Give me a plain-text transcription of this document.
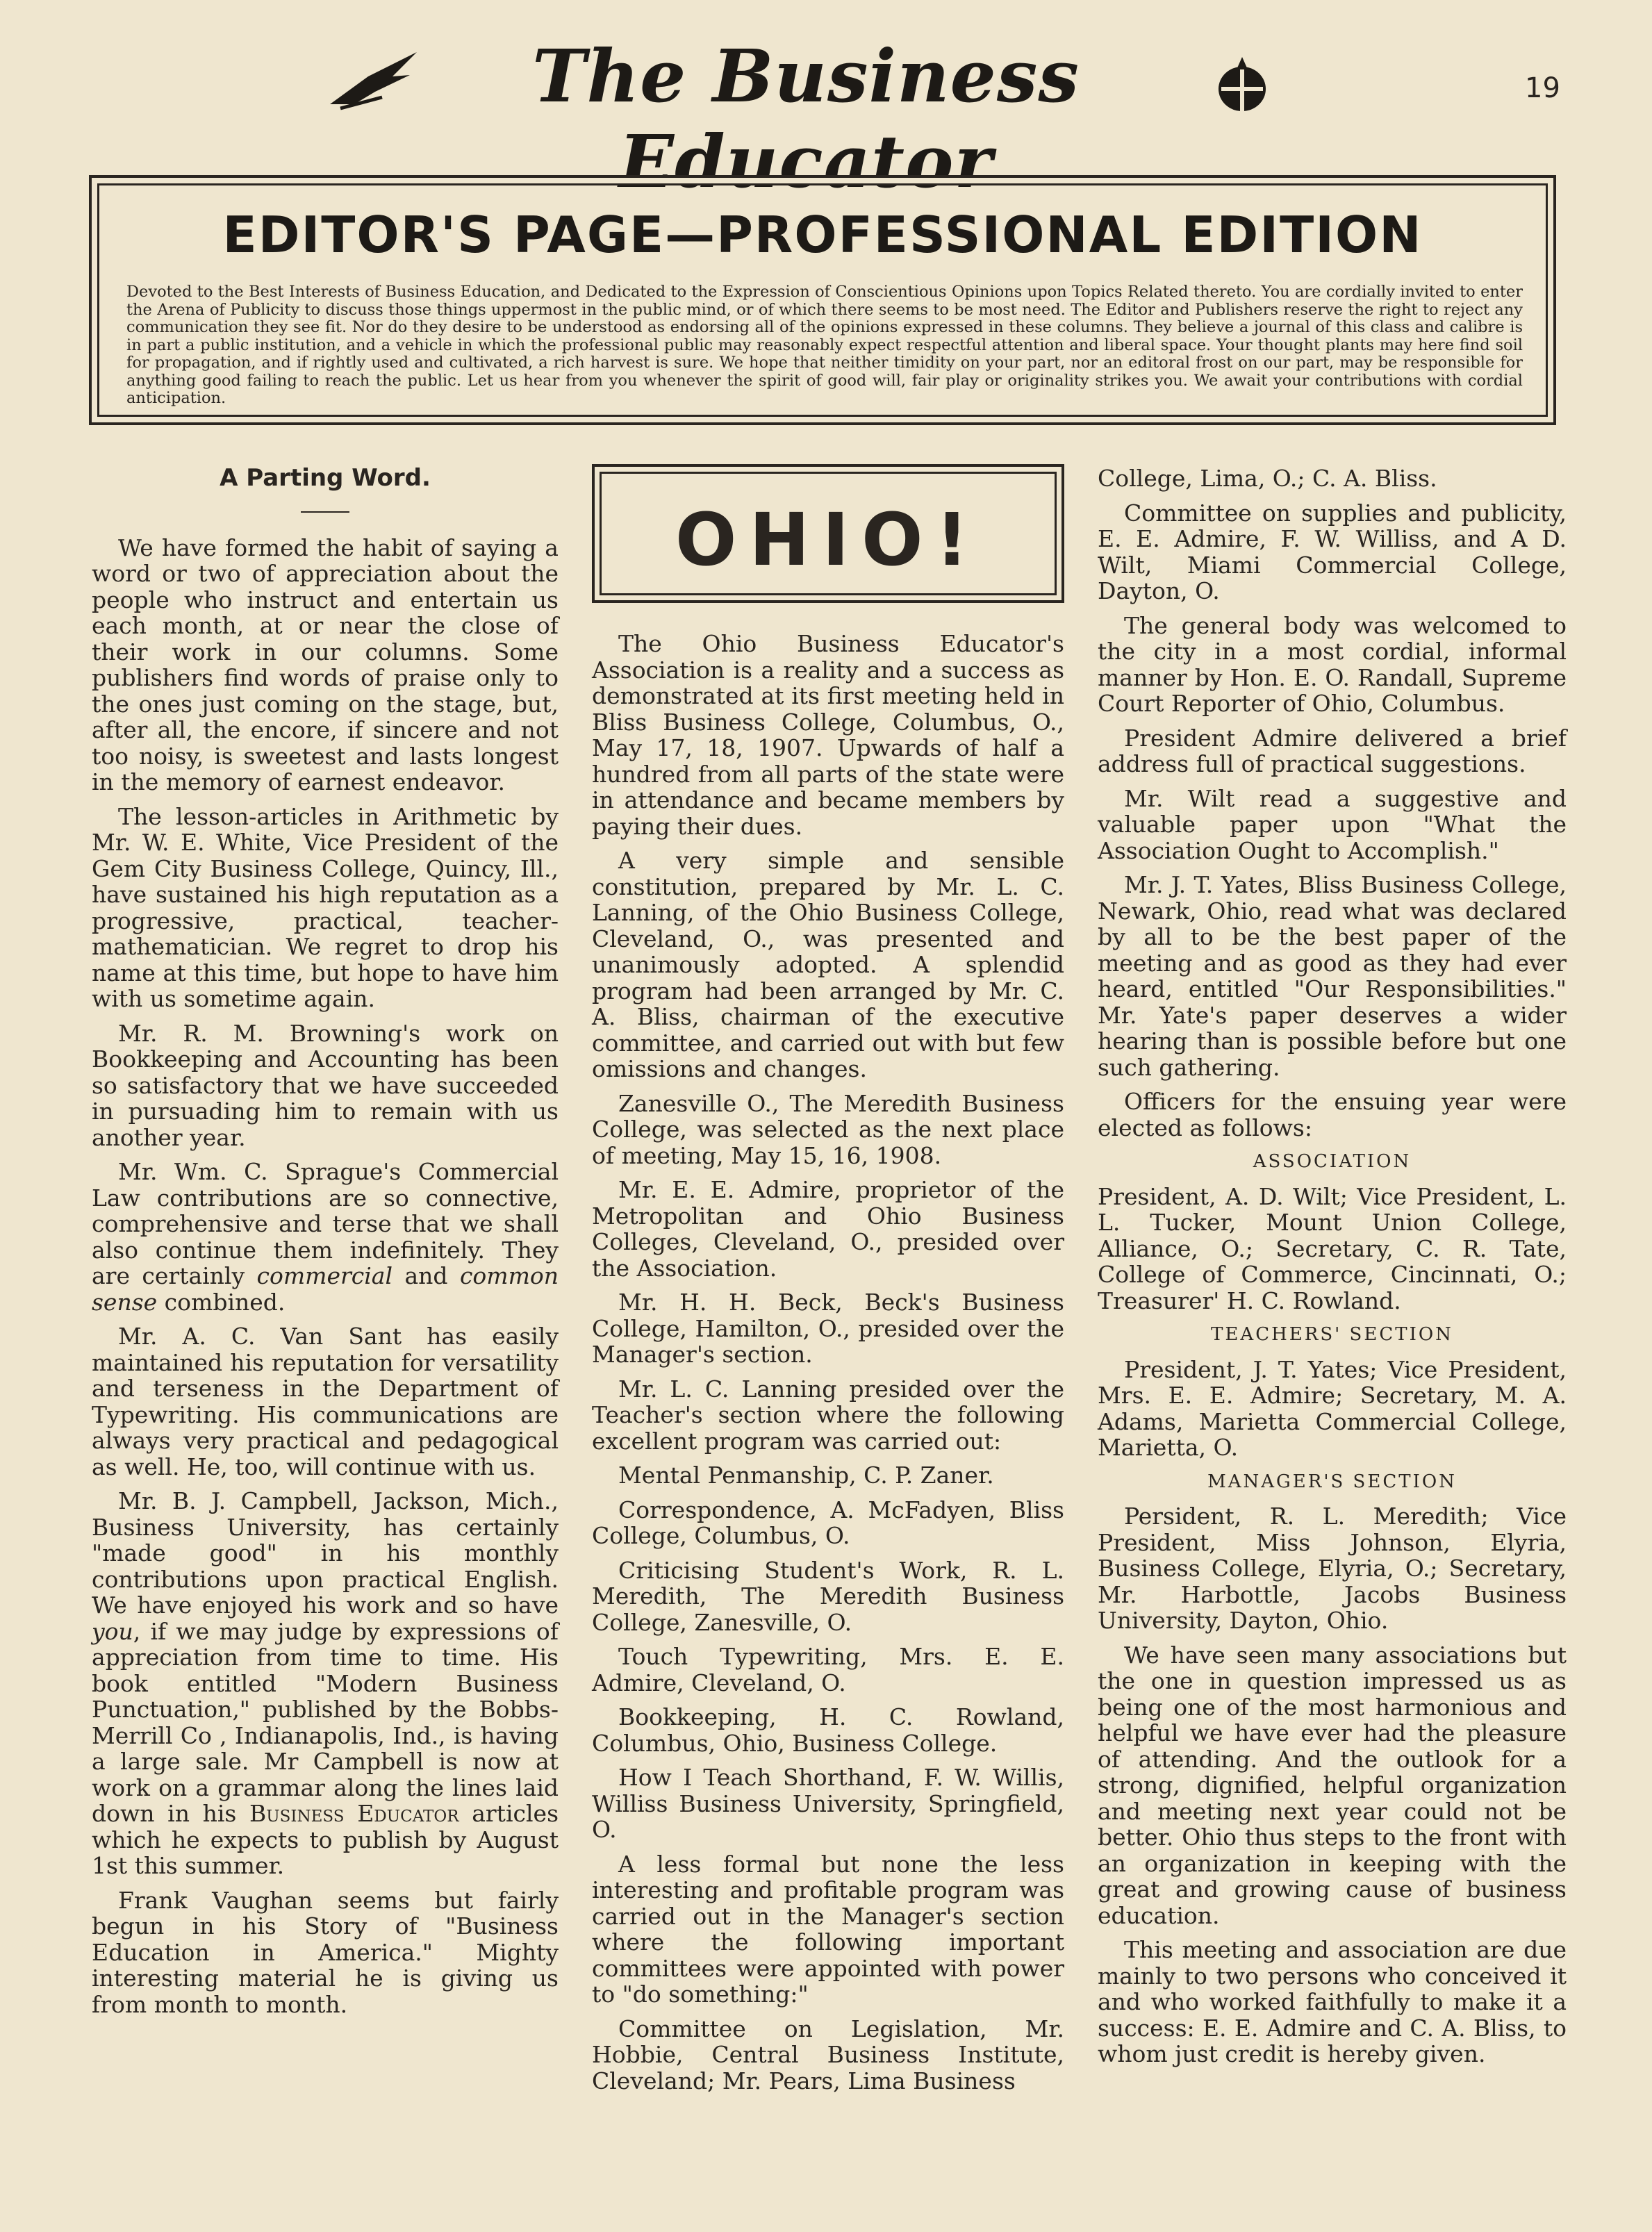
The Business Educator
19
EDITOR'S PAGE—PROFESSIONAL EDITION
Devoted to the Best Interests of Business Education, and Dedicated to the Expression of Conscientious Opinions upon Topics Related thereto. You are cordially invited to enter the Arena of Publicity to discuss those things uppermost in the public mind, or of which there seems to be most need. The Editor and Publishers reserve the right to reject any communication they see fit. Nor do they desire to be understood as endorsing all of the opinions expressed in these columns. They believe a journal of this class and calibre is in part a public institution, and a vehicle in which the professional public may reasonably expect respectful attention and liberal space. Your thought plants may here find soil for propagation, and if rightly used and cultivated, a rich harvest is sure. We hope that neither timidity on your part, nor an editoral frost on our part, may be responsible for anything good failing to reach the public. Let us hear from you whenever the spirit of good will, fair play or originality strikes you. We await your contributions with cordial anticipation.
A Parting Word.

We have formed the habit of saying a word or two of appreciation about the people who instruct and entertain us each month, at or near the close of their work in our columns. Some publishers find words of praise only to the ones just coming on the stage, but, after all, the encore, if sincere and not too noisy, is sweetest and lasts longest in the memory of earnest endeavor.

The lesson-articles in Arithmetic by Mr. W. E. White, Vice President of the Gem City Business College, Quincy, Ill., have sustained his high reputation as a progressive, practical, teacher-mathematician. We regret to drop his name at this time, but hope to have him with us sometime again.

Mr. R. M. Browning's work on Bookkeeping and Accounting has been so satisfactory that we have succeeded in pursuading him to remain with us another year.

Mr. Wm. C. Sprague's Commercial Law contributions are so connective, comprehensive and terse that we shall also continue them indefinitely. They are certainly commercial and common sense combined.

Mr. A. C. Van Sant has easily maintained his reputation for versatility and terseness in the Department of Typewriting. His communications are always very practical and pedagogical as well. He, too, will continue with us.

Mr. B. J. Campbell, Jackson, Mich., Business University, has certainly "made good" in his monthly contributions upon practical English. We have enjoyed his work and so have you, if we may judge by expressions of appreciation from time to time. His book entitled "Modern Business Punctuation," published by the Bobbs-Merrill Co , Indianapolis, Ind., is having a large sale. Mr Campbell is now at work on a grammar along the lines laid down in his Business Educator articles which he expects to publish by August 1st this summer.

Frank Vaughan seems but fairly begun in his Story of "Business Education in America." Mighty interesting material he is giving us from month to month.

OHIO!

The Ohio Business Educator's Association is a reality and a success as demonstrated at its first meeting held in Bliss Business College, Columbus, O., May 17, 18, 1907. Upwards of half a hundred from all parts of the state were in attendance and became members by paying their dues.

A very simple and sensible constitution, prepared by Mr. L. C. Lanning, of the Ohio Business College, Cleveland, O., was presented and unanimously adopted. A splendid program had been arranged by Mr. C. A. Bliss, chairman of the executive committee, and carried out with but few omissions and changes.

Zanesville O., The Meredith Business College, was selected as the next place of meeting, May 15, 16, 1908.

Mr. E. E. Admire, proprietor of the Metropolitan and Ohio Business Colleges, Cleveland, O., presided over the Association.

Mr. H. H. Beck, Beck's Business College, Hamilton, O., presided over the Manager's section.

Mr. L. C. Lanning presided over the Teacher's section where the following excellent program was carried out:

Mental Penmanship, C. P. Zaner.

Correspondence, A. McFadyen, Bliss College, Columbus, O.

Criticising Student's Work, R. L. Meredith, The Meredith Business College, Zanesville, O.

Touch Typewriting, Mrs. E. E. Admire, Cleveland, O.

Bookkeeping, H. C. Rowland, Columbus, Ohio, Business College.

How I Teach Shorthand, F. W. Willis, Williss Business University, Springfield, O.

A less formal but none the less interesting and profitable program was carried out in the Manager's section where the following important committees were appointed with power to "do something:"

Committee on Legislation, Mr. Hobbie, Central Business Institute, Cleveland; Mr. Pears, Lima Business

College, Lima, O.; C. A. Bliss.

Committee on supplies and publicity, E. E. Admire, F. W. Williss, and A D. Wilt, Miami Commercial College, Dayton, O.

The general body was welcomed to the city in a most cordial, informal manner by Hon. E. O. Randall, Supreme Court Reporter of Ohio, Columbus.

President Admire delivered a brief address full of practical suggestions.

Mr. Wilt read a suggestive and valuable paper upon "What the Association Ought to Accomplish."

Mr. J. T. Yates, Bliss Business College, Newark, Ohio, read what was declared by all to be the best paper of the meeting and as good as they had ever heard, entitled "Our Responsibilities." Mr. Yate's paper deserves a wider hearing than is possible before but one such gathering.

Officers for the ensuing year were elected as follows:

ASSOCIATION

President, A. D. Wilt; Vice President, L. L. Tucker, Mount Union College, Alliance, O.; Secretary, C. R. Tate, College of Commerce, Cincinnati, O.; Treasurer' H. C. Rowland.

TEACHERS' SECTION

President, J. T. Yates; Vice President, Mrs. E. E. Admire; Secretary, M. A. Adams, Marietta Commercial College, Marietta, O.

MANAGER'S SECTION

Persident, R. L. Meredith; Vice President, Miss Johnson, Elyria, Business College, Elyria, O.; Secretary, Mr. Harbottle, Jacobs Business University, Dayton, Ohio.

We have seen many associations but the one in question impressed us as being one of the most harmonious and helpful we have ever had the pleasure of attending. And the outlook for a strong, dignified, helpful organization and meeting next year could not be better. Ohio thus steps to the front with an organization in keeping with the great and growing cause of business education.

This meeting and association are due mainly to two persons who conceived it and who worked faithfully to make it a success: E. E. Admire and C. A. Bliss, to whom just credit is hereby given.
